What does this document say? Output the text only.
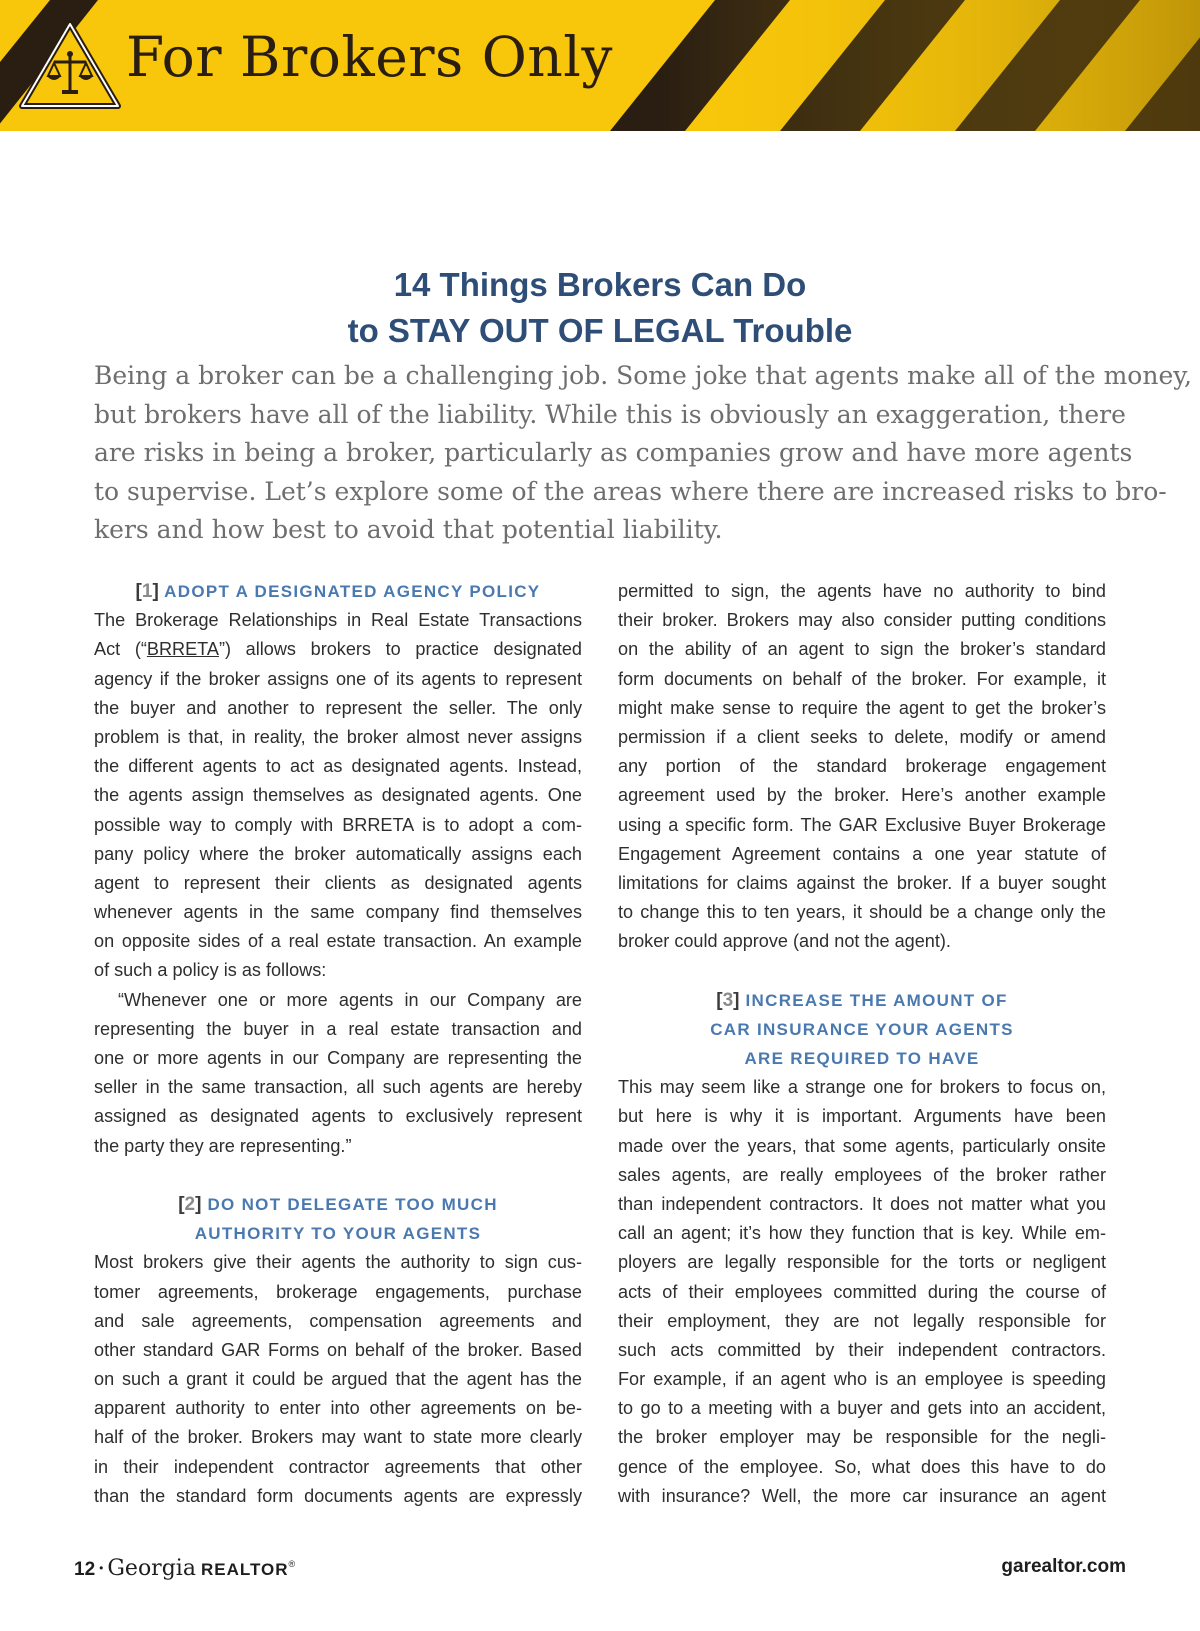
For Brokers Only
14 Things Brokers Can Do
to STAY OUT OF LEGAL Trouble
Being a broker can be a challenging job. Some joke that agents make all of the money,
but brokers have all of the liability. While this is obviously an exaggeration, there
are risks in being a broker, particularly as companies grow and have more agents
to supervise. Let’s explore some of the areas where there are increased risks to bro-
kers and how best to avoid that potential liability.
[1] ADOPT A DESIGNATED AGENCY POLICY
The Brokerage Relationships in Real Estate Transactions
Act (“BRRETA”) allows brokers to practice designated
agency if the broker assigns one of its agents to represent
the buyer and another to represent the seller. The only
problem is that, in reality, the broker almost never assigns
the different agents to act as designated agents. Instead,
the agents assign themselves as designated agents. One
possible way to comply with BRRETA is to adopt a com-
pany policy where the broker automatically assigns each
agent to represent their clients as designated agents
whenever agents in the same company find themselves
on opposite sides of a real estate transaction. An example
of such a policy is as follows:
“Whenever one or more agents in our Company are
representing the buyer in a real estate transaction and
one or more agents in our Company are representing the
seller in the same transaction, all such agents are hereby
assigned as designated agents to exclusively represent
the party they are representing.”
[2] DO NOT DELEGATE TOO MUCH
AUTHORITY TO YOUR AGENTS
Most brokers give their agents the authority to sign cus-
tomer agreements, brokerage engagements, purchase
and sale agreements, compensation agreements and
other standard GAR Forms on behalf of the broker. Based
on such a grant it could be argued that the agent has the
apparent authority to enter into other agreements on be-
half of the broker. Brokers may want to state more clearly
in their independent contractor agreements that other
than the standard form documents agents are expressly
permitted to sign, the agents have no authority to bind
their broker. Brokers may also consider putting conditions
on the ability of an agent to sign the broker’s standard
form documents on behalf of the broker. For example, it
might make sense to require the agent to get the broker’s
permission if a client seeks to delete, modify or amend
any portion of the standard brokerage engagement
agreement used by the broker. Here’s another example
using a specific form. The GAR Exclusive Buyer Brokerage
Engagement Agreement contains a one year statute of
limitations for claims against the broker. If a buyer sought
to change this to ten years, it should be a change only the
broker could approve (and not the agent).
[3] INCREASE THE AMOUNT OF
CAR INSURANCE YOUR AGENTS
ARE REQUIRED TO HAVE
This may seem like a strange one for brokers to focus on,
but here is why it is important. Arguments have been
made over the years, that some agents, particularly onsite
sales agents, are really employees of the broker rather
than independent contractors. It does not matter what you
call an agent; it’s how they function that is key. While em-
ployers are legally responsible for the torts or negligent
acts of their employees committed during the course of
their employment, they are not legally responsible for
such acts committed by their independent contractors.
For example, if an agent who is an employee is speeding
to go to a meeting with a buyer and gets into an accident,
the broker employer may be responsible for the negli-
gence of the employee. So, what does this have to do
with insurance? Well, the more car insurance an agent
12 • Georgia REALTOR®	garealtor.com
